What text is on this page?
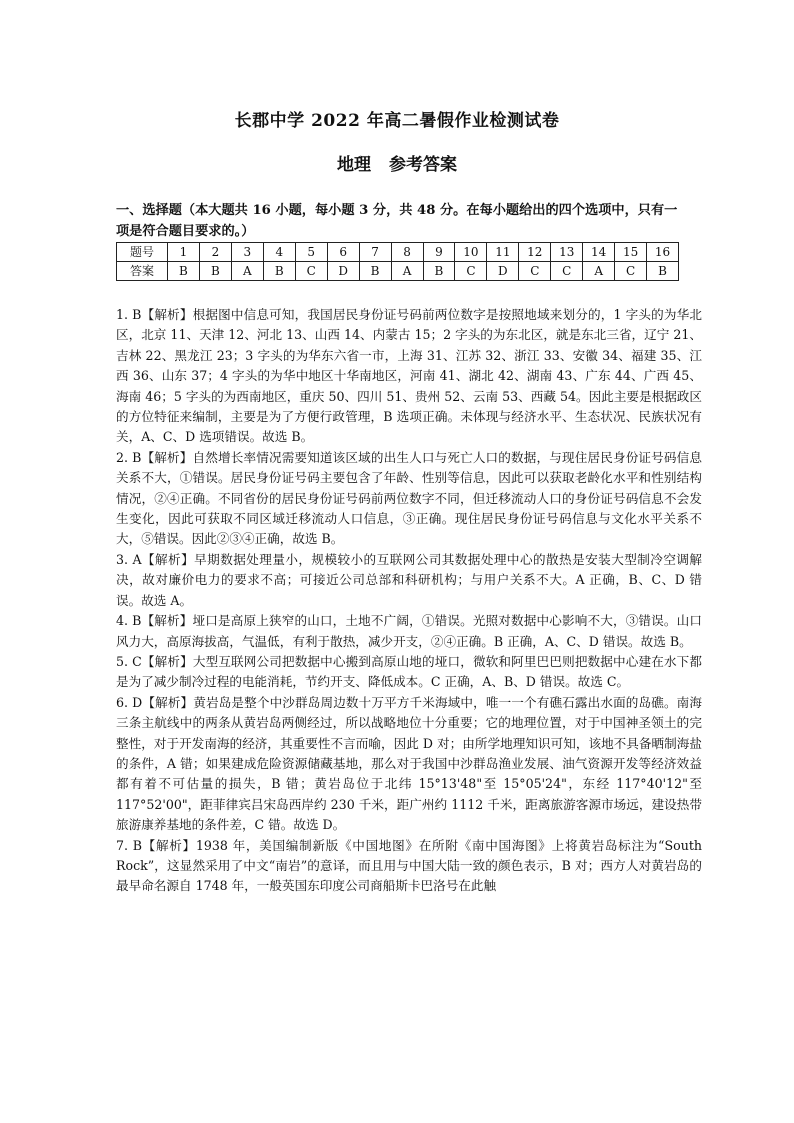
长郡中学 2022 年高二暑假作业检测试卷
地理 参考答案
一、选择题（本大题共 16 小题，每小题 3 分，共 48 分。在每小题给出的四个选项中，只有一项是符合题目要求的。）
题号	1	2	3	4	5	6	7	8	9	10	11	12	13	14	15	16
答案	B	B	A	B	C	D	B	A	B	C	D	C	C	A	C	B

1. B【解析】根据图中信息可知，我国居民身份证号码前两位数字是按照地域来划分的，1 字头的为华北区，北京 11、天津 12、河北 13、山西 14、内蒙古 15；2 字头的为东北区，就是东北三省，辽宁 21、吉林 22、黑龙江 23；3 字头的为华东六省一市，上海 31、江苏 32、浙江 33、安徽 34、福建 35、江西 36、山东 37；4 字头的为华中地区十华南地区，河南 41、湖北 42、湖南 43、广东 44、广西 45、海南 46；5 字头的为西南地区，重庆 50、四川 51、贵州 52、云南 53、西藏 54。因此主要是根据政区的方位特征来编制，主要是为了方便行政管理，B 选项正确。未体现与经济水平、生态状况、民族状况有关，A、C、D 选项错误。故选 B。

2. B【解析】自然增长率情况需要知道该区域的出生人口与死亡人口的数据，与现住居民身份证号码信息关系不大，①错误。居民身份证号码主要包含了年龄、性别等信息，因此可以获取老龄化水平和性别结构情况，②④正确。不同省份的居民身份证号码前两位数字不同，但迁移流动人口的身份证号码信息不会发生变化，因此可获取不同区域迁移流动人口信息，③正确。现住居民身份证号码信息与文化水平关系不大，⑤错误。因此②③④正确，故选 B。

3. A【解析】早期数据处理量小，规模较小的互联网公司其数据处理中心的散热是安装大型制冷空调解决，故对廉价电力的要求不高；可接近公司总部和科研机构；与用户关系不大。A 正确，B、C、D 错误。故选 A。

4. B【解析】垭口是高原上狭窄的山口，土地不广阔，①错误。光照对数据中心影响不大，③错误。山口风力大，高原海拔高，气温低，有利于散热，减少开支，②④正确。B 正确，A、C、D 错误。故选 B。

5. C【解析】大型互联网公司把数据中心搬到高原山地的垭口，微软和阿里巴巴则把数据中心建在水下都是为了减少制冷过程的电能消耗，节约开支、降低成本。C 正确，A、B、D 错误。故选 C。

6. D【解析】黄岩岛是整个中沙群岛周边数十万平方千米海域中，唯一一个有礁石露出水面的岛礁。南海三条主航线中的两条从黄岩岛两侧经过，所以战略地位十分重要；它的地理位置，对于中国神圣领土的完整性，对于开发南海的经济，其重要性不言而喻，因此 D 对；由所学地理知识可知，该地不具备晒制海盐的条件，A 错；如果建成危险资源储藏基地，那么对于我国中沙群岛渔业发展、油气资源开发等经济效益都有着不可估量的损失，B 错；黄岩岛位于北纬 15°13'48"至 15°05'24"，东经 117°40'12"至 117°52'00"，距菲律宾吕宋岛西岸约 230 千米，距广州约 1112 千米，距离旅游客源市场远，建设热带旅游康养基地的条件差，C 错。故选 D。

7. B【解析】1938 年，美国编制新版《中国地图》在所附《南中国海图》上将黄岩岛标注为“South Rock”，这显然采用了中文“南岩”的意译，而且用与中国大陆一致的颜色表示，B 对；西方人对黄岩岛的最早命名源自 1748 年，一般英国东印度公司商船斯卡巴洛号在此触
